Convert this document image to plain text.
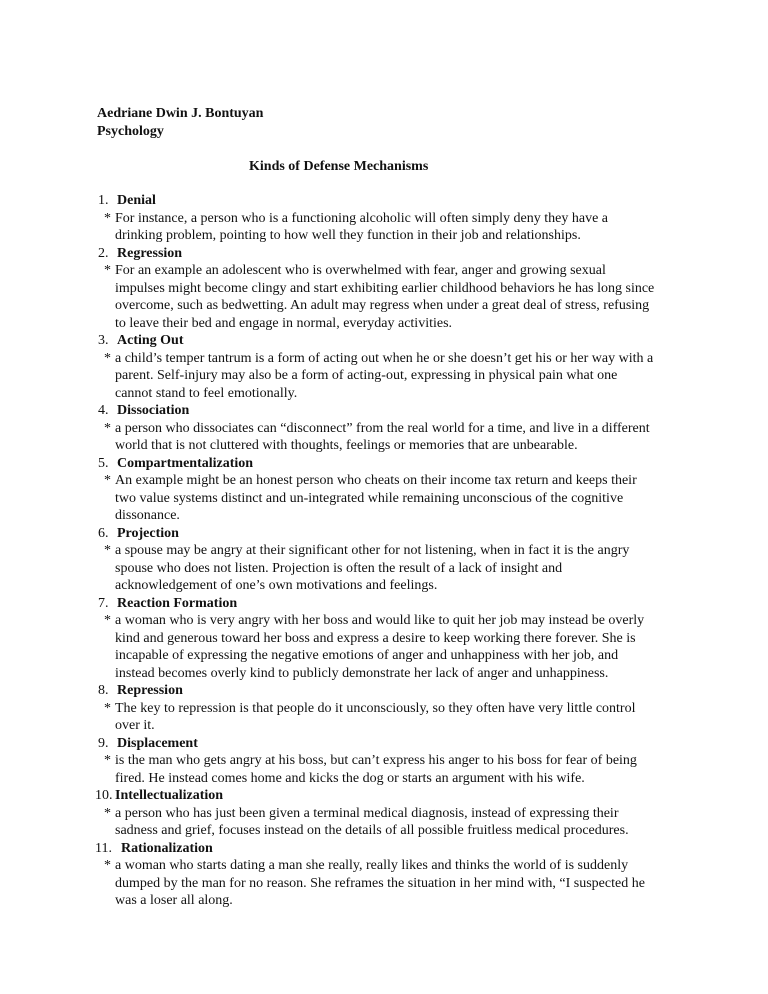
Aedriane Dwin J. Bontuyan
Psychology
Kinds of Defense Mechanisms
1. Denial
* For instance, a person who is a functioning alcoholic will often simply deny they have a
drinking problem, pointing to how well they function in their job and relationships.
2. Regression
* For an example an adolescent who is overwhelmed with fear, anger and growing sexual
impulses might become clingy and start exhibiting earlier childhood behaviors he has long since
overcome, such as bedwetting. An adult may regress when under a great deal of stress, refusing
to leave their bed and engage in normal, everyday activities.
3. Acting Out
* a child’s temper tantrum is a form of acting out when he or she doesn’t get his or her way with a
parent. Self-injury may also be a form of acting-out, expressing in physical pain what one
cannot stand to feel emotionally.
4. Dissociation
* a person who dissociates can “disconnect” from the real world for a time, and live in a different
world that is not cluttered with thoughts, feelings or memories that are unbearable.
5. Compartmentalization
* An example might be an honest person who cheats on their income tax return and keeps their
two value systems distinct and un-integrated while remaining unconscious of the cognitive
dissonance.
6. Projection
* a spouse may be angry at their significant other for not listening, when in fact it is the angry
spouse who does not listen. Projection is often the result of a lack of insight and
acknowledgement of one’s own motivations and feelings.
7. Reaction Formation
* a woman who is very angry with her boss and would like to quit her job may instead be overly
kind and generous toward her boss and express a desire to keep working there forever. She is
incapable of expressing the negative emotions of anger and unhappiness with her job, and
instead becomes overly kind to publicly demonstrate her lack of anger and unhappiness.
8. Repression
* The key to repression is that people do it unconsciously, so they often have very little control
over it.
9. Displacement
* is the man who gets angry at his boss, but can’t express his anger to his boss for fear of being
fired. He instead comes home and kicks the dog or starts an argument with his wife.
10. Intellectualization
* a person who has just been given a terminal medical diagnosis, instead of expressing their
sadness and grief, focuses instead on the details of all possible fruitless medical procedures.
11. Rationalization
* a woman who starts dating a man she really, really likes and thinks the world of is suddenly
dumped by the man for no reason. She reframes the situation in her mind with, “I suspected he
was a loser all along.
